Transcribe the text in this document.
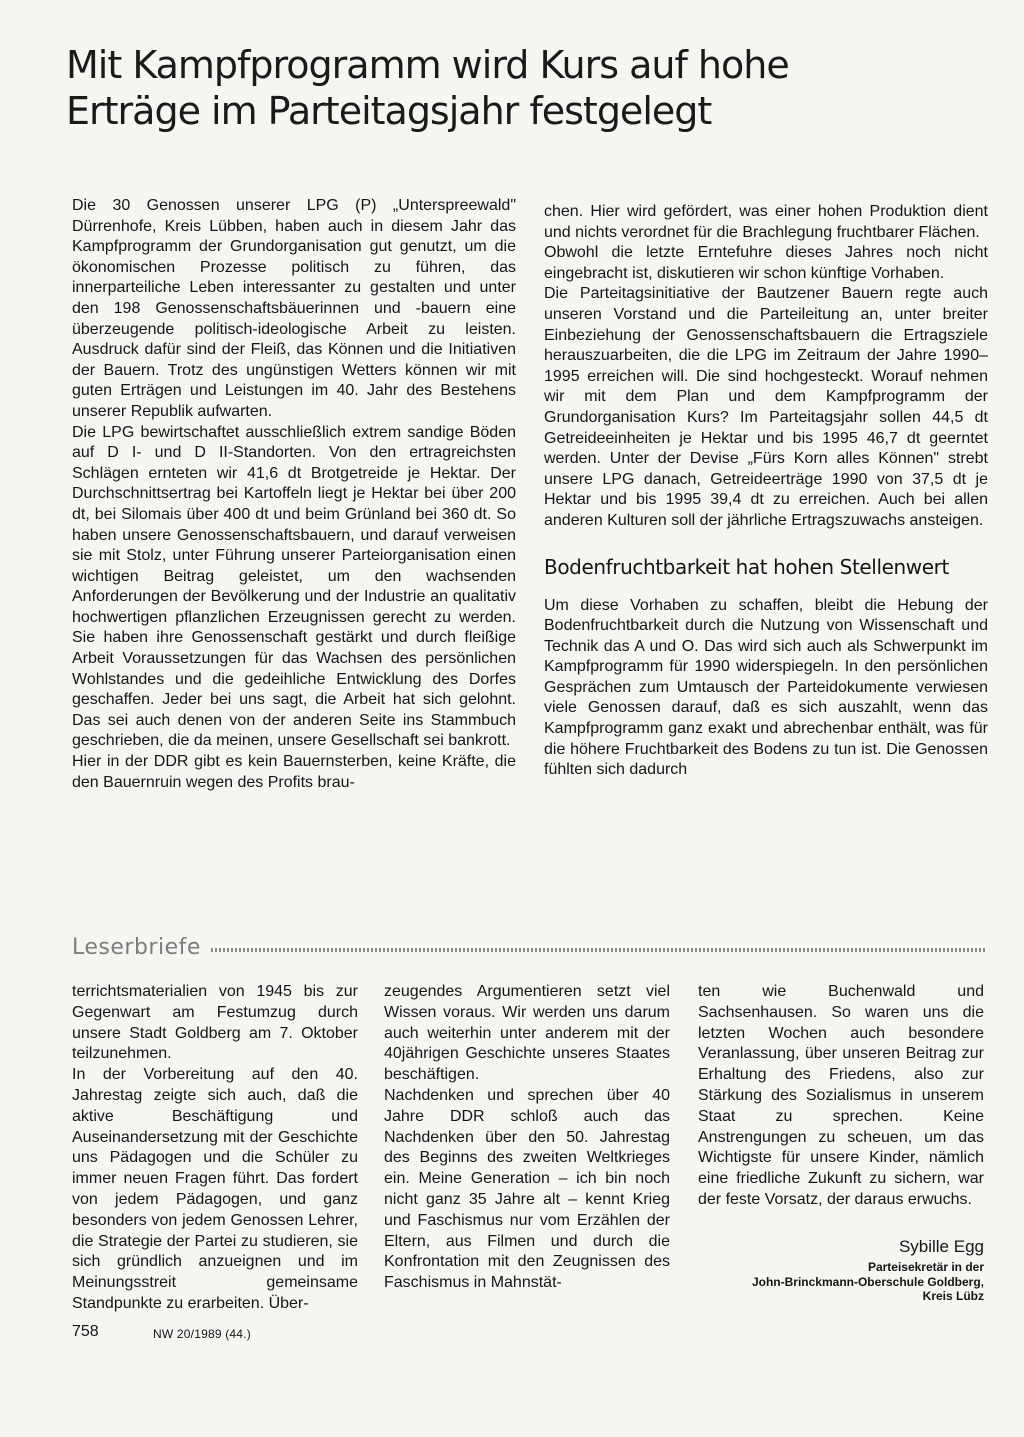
Mit Kampfprogramm wird Kurs auf hohe
Erträge im Parteitagsjahr festgelegt

Die 30 Genossen unserer LPG (P) „Unterspreewald" Dürrenhofe, Kreis Lübben, haben auch in diesem Jahr das Kampfprogramm der Grundorganisation gut genutzt, um die ökonomischen Prozesse politisch zu führen, das innerparteiliche Leben interessanter zu gestalten und unter den 198 Genossenschaftsbäuerinnen und -bauern eine überzeugende politisch-ideologische Arbeit zu leisten. Ausdruck dafür sind der Fleiß, das Können und die Initiativen der Bauern. Trotz des ungünstigen Wetters können wir mit guten Erträgen und Leistungen im 40. Jahr des Bestehens unserer Republik aufwarten.

Die LPG bewirtschaftet ausschließlich extrem sandige Böden auf D I- und D II-Standorten. Von den ertragreichsten Schlägen ernteten wir 41,6 dt Brotgetreide je Hektar. Der Durchschnittsertrag bei Kartoffeln liegt je Hektar bei über 200 dt, bei Silomais über 400 dt und beim Grünland bei 360 dt. So haben unsere Genossenschaftsbauern, und darauf verweisen sie mit Stolz, unter Führung unserer Parteiorganisation einen wichtigen Beitrag geleistet, um den wachsenden Anforderungen der Bevölkerung und der Industrie an qualitativ hochwertigen pflanzlichen Erzeugnissen gerecht zu werden. Sie haben ihre Genossenschaft gestärkt und durch fleißige Arbeit Voraussetzungen für das Wachsen des persönlichen Wohlstandes und die gedeihliche Entwicklung des Dorfes geschaffen. Jeder bei uns sagt, die Arbeit hat sich gelohnt. Das sei auch denen von der anderen Seite ins Stammbuch geschrieben, die da meinen, unsere Gesellschaft sei bankrott.

Hier in der DDR gibt es kein Bauernsterben, keine Kräfte, die den Bauernruin wegen des Profits brau-

chen. Hier wird gefördert, was einer hohen Produktion dient und nichts verordnet für die Brachlegung fruchtbarer Flächen.

Obwohl die letzte Erntefuhre dieses Jahres noch nicht eingebracht ist, diskutieren wir schon künftige Vorhaben.

Die Parteitagsinitiative der Bautzener Bauern regte auch unseren Vorstand und die Parteileitung an, unter breiter Einbeziehung der Genossenschaftsbauern die Ertragsziele herauszuarbeiten, die die LPG im Zeitraum der Jahre 1990–1995 erreichen will. Die sind hochgesteckt. Worauf nehmen wir mit dem Plan und dem Kampfprogramm der Grundorganisation Kurs? Im Parteitagsjahr sollen 44,5 dt Getreideeinheiten je Hektar und bis 1995 46,7 dt geerntet werden. Unter der Devise „Fürs Korn alles Können" strebt unsere LPG danach, Getreideerträge 1990 von 37,5 dt je Hektar und bis 1995 39,4 dt zu erreichen. Auch bei allen anderen Kulturen soll der jährliche Ertragszuwachs ansteigen.

Bodenfruchtbarkeit hat hohen Stellenwert

Um diese Vorhaben zu schaffen, bleibt die Hebung der Bodenfruchtbarkeit durch die Nutzung von Wissenschaft und Technik das A und O. Das wird sich auch als Schwerpunkt im Kampfprogramm für 1990 widerspiegeln. In den persönlichen Gesprächen zum Umtausch der Parteidokumente verwiesen viele Genossen darauf, daß es sich auszahlt, wenn das Kampfprogramm ganz exakt und abrechenbar enthält, was für die höhere Fruchtbarkeit des Bodens zu tun ist. Die Genossen fühlten sich dadurch

Leserbriefe

terrichtsmaterialien von 1945 bis zur Gegenwart am Festumzug durch unsere Stadt Goldberg am 7. Oktober teilzunehmen.

In der Vorbereitung auf den 40. Jahrestag zeigte sich auch, daß die aktive Beschäftigung und Auseinandersetzung mit der Geschichte uns Pädagogen und die Schüler zu immer neuen Fragen führt. Das fordert von jedem Pädagogen, und ganz besonders von jedem Genossen Lehrer, die Strategie der Partei zu studieren, sie sich gründlich anzueignen und im Meinungsstreit gemeinsame Standpunkte zu erarbeiten. Über-

zeugendes Argumentieren setzt viel Wissen voraus. Wir werden uns darum auch weiterhin unter anderem mit der 40jährigen Geschichte unseres Staates beschäftigen.

Nachdenken und sprechen über 40 Jahre DDR schloß auch das Nachdenken über den 50. Jahrestag des Beginns des zweiten Weltkrieges ein. Meine Generation – ich bin noch nicht ganz 35 Jahre alt – kennt Krieg und Faschismus nur vom Erzählen der Eltern, aus Filmen und durch die Konfrontation mit den Zeugnissen des Faschismus in Mahnstät-

ten wie Buchenwald und Sachsenhausen. So waren uns die letzten Wochen auch besondere Veranlassung, über unseren Beitrag zur Erhaltung des Friedens, also zur Stärkung des Sozialismus in unserem Staat zu sprechen. Keine Anstrengungen zu scheuen, um das Wichtigste für unsere Kinder, nämlich eine friedliche Zukunft zu sichern, war der feste Vorsatz, der daraus erwuchs.

Sybille Egg

Parteisekretär in der

John-Brinckmann-Oberschule Goldberg,

Kreis Lübz

758	NW 20/1989 (44.)
